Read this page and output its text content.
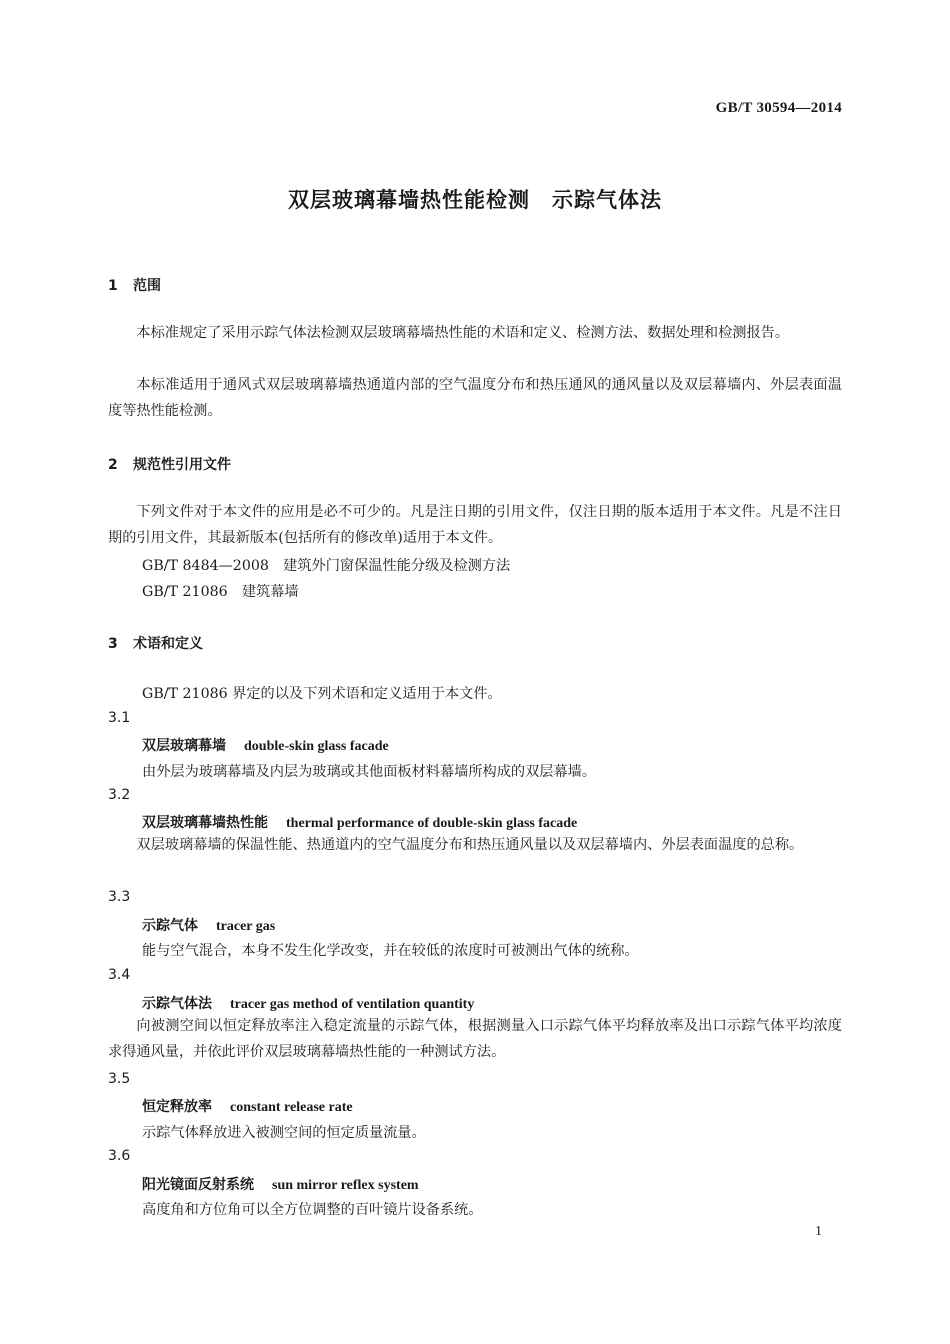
GB/T 30594—2014
双层玻璃幕墙热性能检测　示踪气体法
1 范围
本标准规定了采用示踪气体法检测双层玻璃幕墙热性能的术语和定义、检测方法、数据处理和检测报告。
本标准适用于通风式双层玻璃幕墙热通道内部的空气温度分布和热压通风的通风量以及双层幕墙内、外层表面温度等热性能检测。
2 规范性引用文件
下列文件对于本文件的应用是必不可少的。凡是注日期的引用文件，仅注日期的版本适用于本文件。凡是不注日期的引用文件，其最新版本(包括所有的修改单)适用于本文件。
GB/T 8484—2008　 建筑外门窗保温性能分级及检测方法
GB/T 21086　 建筑幕墙
3 术语和定义
GB/T 21086 界定的以及下列术语和定义适用于本文件。
3.1
双层玻璃幕墙 double-skin glass facade
由外层为玻璃幕墙及内层为玻璃或其他面板材料幕墙所构成的双层幕墙。
3.2
双层玻璃幕墙热性能 thermal performance of double-skin glass facade
双层玻璃幕墙的保温性能、热通道内的空气温度分布和热压通风量以及双层幕墙内、外层表面温度的总称。
3.3
示踪气体 tracer gas
能与空气混合，本身不发生化学改变，并在较低的浓度时可被测出气体的统称。
3.4
示踪气体法 tracer gas method of ventilation quantity
向被测空间以恒定释放率注入稳定流量的示踪气体，根据测量入口示踪气体平均释放率及出口示踪气体平均浓度求得通风量，并依此评价双层玻璃幕墙热性能的一种测试方法。
3.5
恒定释放率 constant release rate
示踪气体释放进入被测空间的恒定质量流量。
3.6
阳光镜面反射系统 sun mirror reflex system
高度角和方位角可以全方位调整的百叶镜片设备系统。
1
